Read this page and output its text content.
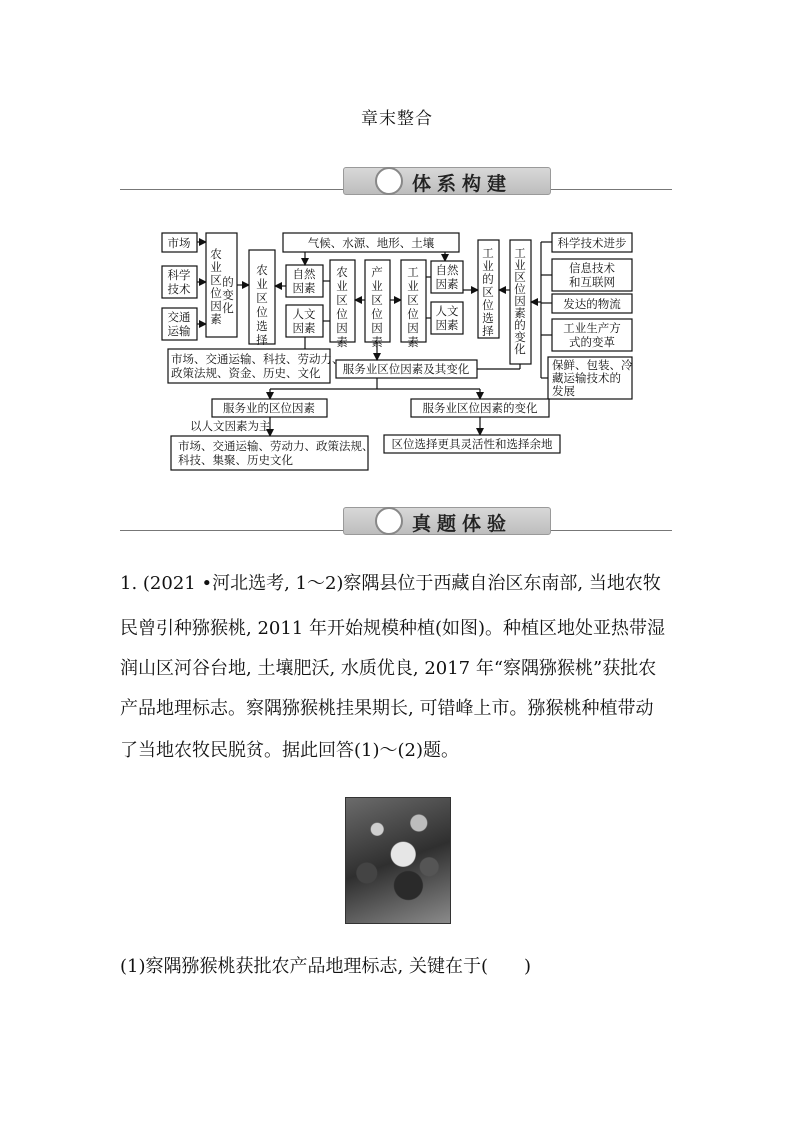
章末整合
体系构建
市场
科学技术
交通运输
气候、水源、地形、土壤
自然因素
人文因素
自然因素
人文因素
科学技术进步
信息技术和互联网
发达的物流
工业生产方式的变革
保鲜、包装、冷藏运输技术的发展
市场、交通运输、科技、劳动力、政策法规、资金、历史、文化	服务业区位因素及其变化
服务业的区位因素	服务业区位因素的变化
以人文因素为主
市场、交通运输、劳动力、政策法规、科技、集聚、历史文化
区位选择更具灵活性和选择余地
农业区位因素的变化
农业区位选择
农业区位因素
产业区位因素
工业区位因素
工业的区位选择
工业区位因素的变化
真题体验
1. (2021 •河北选考, 1～2)察隅县位于西藏自治区东南部, 当地农牧
民曾引种猕猴桃, 2011 年开始规模种植(如图)。种植区地处亚热带湿
润山区河谷台地, 土壤肥沃, 水质优良, 2017 年“察隅猕猴桃”获批农
产品地理标志。察隅猕猴桃挂果期长, 可错峰上市。猕猴桃种植带动
了当地农牧民脱贫。据此回答(1)～(2)题。
(1)察隅猕猴桃获批农产品地理标志, 关键在于(　　)
